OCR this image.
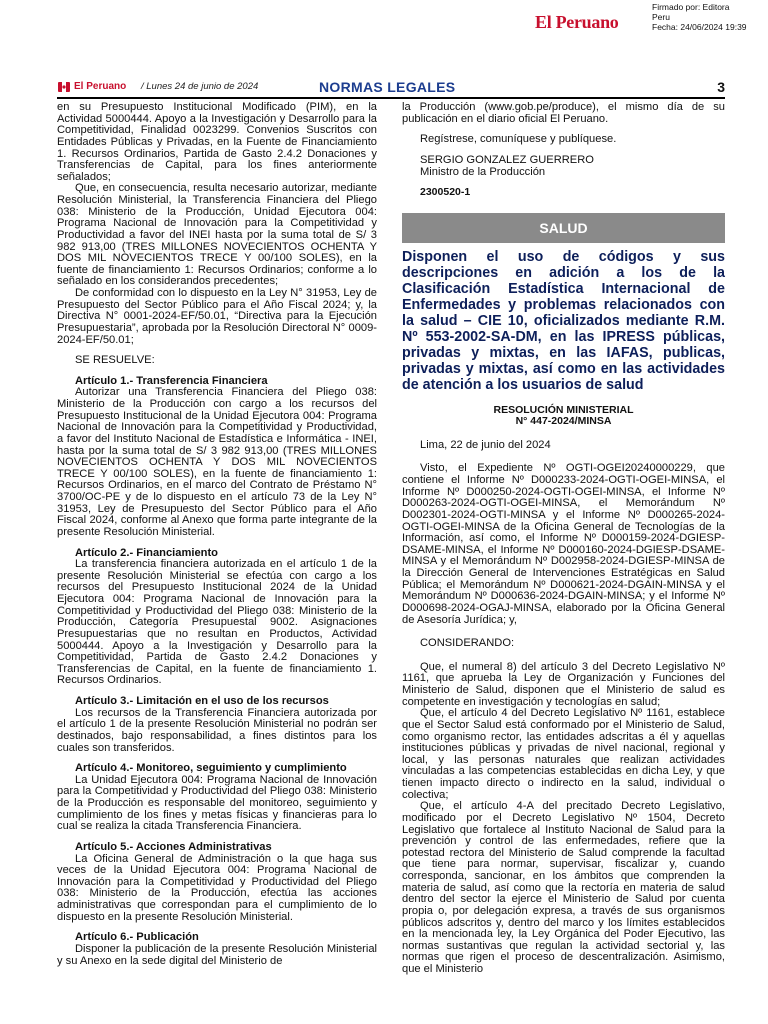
El Peruano
Firmado por: Editora
Peru
Fecha: 24/06/2024 19:39
El Peruano / Lunes 24 de junio de 2024	NORMAS LEGALES	3

en su Presupuesto Institucional Modificado (PIM), en la Actividad 5000444. Apoyo a la Investigación y Desarrollo para la Competitividad, Finalidad 0023299. Convenios Suscritos con Entidades Públicas y Privadas, en la Fuente de Financiamiento 1. Recursos Ordinarios, Partida de Gasto 2.4.2 Donaciones y Transferencias de Capital, para los fines anteriormente señalados;

Que, en consecuencia, resulta necesario autorizar, mediante Resolución Ministerial, la Transferencia Financiera del Pliego 038: Ministerio de la Producción, Unidad Ejecutora 004: Programa Nacional de Innovación para la Competitividad y Productividad a favor del INEI hasta por la suma total de S/ 3 982 913,00 (TRES MILLONES NOVECIENTOS OCHENTA Y DOS MIL NOVECIENTOS TRECE Y 00/100 SOLES), en la fuente de financiamiento 1: Recursos Ordinarios; conforme a lo señalado en los considerandos precedentes;

De conformidad con lo dispuesto en la Ley N° 31953, Ley de Presupuesto del Sector Público para el Año Fiscal 2024; y, la Directiva N° 0001-2024-EF/50.01, “Directiva para la Ejecución Presupuestaria”, aprobada por la Resolución Directoral N° 0009-2024-EF/50.01;

SE RESUELVE:

Artículo 1.- Transferencia Financiera

Autorizar una Transferencia Financiera del Pliego 038: Ministerio de la Producción con cargo a los recursos del Presupuesto Institucional de la Unidad Ejecutora 004: Programa Nacional de Innovación para la Competitividad y Productividad, a favor del Instituto Nacional de Estadística e Informática - INEI, hasta por la suma total de S/ 3 982 913,00 (TRES MILLONES NOVECIENTOS OCHENTA Y DOS MIL NOVECIENTOS TRECE Y 00/100 SOLES), en la fuente de financiamiento 1: Recursos Ordinarios, en el marco del Contrato de Préstamo N° 3700/OC-PE y de lo dispuesto en el artículo 73 de la Ley N° 31953, Ley de Presupuesto del Sector Público para el Año Fiscal 2024, conforme al Anexo que forma parte integrante de la presente Resolución Ministerial.

Artículo 2.- Financiamiento

La transferencia financiera autorizada en el artículo 1 de la presente Resolución Ministerial se efectúa con cargo a los recursos del Presupuesto Institucional 2024 de la Unidad Ejecutora 004: Programa Nacional de Innovación para la Competitividad y Productividad del Pliego 038: Ministerio de la Producción, Categoría Presupuestal 9002. Asignaciones Presupuestarias que no resultan en Productos, Actividad 5000444. Apoyo a la Investigación y Desarrollo para la Competitividad, Partida de Gasto 2.4.2 Donaciones y Transferencias de Capital, en la fuente de financiamiento 1. Recursos Ordinarios.

Artículo 3.- Limitación en el uso de los recursos

Los recursos de la Transferencia Financiera autorizada por el artículo 1 de la presente Resolución Ministerial no podrán ser destinados, bajo responsabilidad, a fines distintos para los cuales son transferidos.

Artículo 4.- Monitoreo, seguimiento y cumplimiento

La Unidad Ejecutora 004: Programa Nacional de Innovación para la Competitividad y Productividad del Pliego 038: Ministerio de la Producción es responsable del monitoreo, seguimiento y cumplimiento de los fines y metas físicas y financieras para lo cual se realiza la citada Transferencia Financiera.

Artículo 5.- Acciones Administrativas

La Oficina General de Administración o la que haga sus veces de la Unidad Ejecutora 004: Programa Nacional de Innovación para la Competitividad y Productividad del Pliego 038: Ministerio de la Producción, efectúa las acciones administrativas que correspondan para el cumplimiento de lo dispuesto en la presente Resolución Ministerial.

Artículo 6.- Publicación

Disponer la publicación de la presente Resolución Ministerial y su Anexo en la sede digital del Ministerio de

la Producción (www.gob.pe/produce), el mismo día de su publicación en el diario oficial El Peruano.

Regístrese, comuníquese y publíquese.

SERGIO GONZALEZ GUERRERO

Ministro de la Producción

2300520-1

SALUD

Disponen el uso de códigos y sus descripciones en adición a los de la Clasificación Estadística Internacional de Enfermedades y problemas relacionados con la salud – CIE 10, oficializados mediante R.M. Nº 553-2002-SA-DM, en las IPRESS públicas, privadas y mixtas, en las IAFAS, publicas, privadas y mixtas, así como en las actividades de atención a los usuarios de salud

RESOLUCIÓN MINISTERIAL

N° 447-2024/MINSA

Lima, 22 de junio del 2024

Visto, el Expediente Nº OGTI-OGEI20240000229, que contiene el Informe Nº D000233-2024-OGTI-OGEI-MINSA, el Informe Nº D000250-2024-OGTI-OGEI-MINSA, el Informe Nº D000263-2024-OGTI-OGEI-MINSA, el Memorándum Nº D002301-2024-OGTI-MINSA y el Informe Nº D000265-2024-OGTI-OGEI-MINSA de la Oficina General de Tecnologías de la Información, así como, el Informe Nº D000159-2024-DGIESP-DSAME-MINSA, el Informe Nº D000160-2024-DGIESP-DSAME-MINSA y el Memorándum Nº D002958-2024-DGIESP-MINSA de la Dirección General de Intervenciones Estratégicas en Salud Pública; el Memorándum Nº D000621-2024-DGAIN-MINSA y el Memorándum Nº D000636-2024-DGAIN-MINSA; y el Informe Nº D000698-2024-OGAJ-MINSA, elaborado por la Oficina General de Asesoría Jurídica; y,

CONSIDERANDO:

Que, el numeral 8) del artículo 3 del Decreto Legislativo Nº 1161, que aprueba la Ley de Organización y Funciones del Ministerio de Salud, disponen que el Ministerio de salud es competente en investigación y tecnologías en salud;

Que, el artículo 4 del Decreto Legislativo Nº 1161, establece que el Sector Salud está conformado por el Ministerio de Salud, como organismo rector, las entidades adscritas a él y aquellas instituciones públicas y privadas de nivel nacional, regional y local, y las personas naturales que realizan actividades vinculadas a las competencias establecidas en dicha Ley, y que tienen impacto directo o indirecto en la salud, individual o colectiva;

Que, el artículo 4-A del precitado Decreto Legislativo, modificado por el Decreto Legislativo Nº 1504, Decreto Legislativo que fortalece al Instituto Nacional de Salud para la prevención y control de las enfermedades, refiere que la potestad rectora del Ministerio de Salud comprende la facultad que tiene para normar, supervisar, fiscalizar y, cuando corresponda, sancionar, en los ámbitos que comprenden la materia de salud, así como que la rectoría en materia de salud dentro del sector la ejerce el Ministerio de Salud por cuenta propia o, por delegación expresa, a través de sus organismos públicos adscritos y, dentro del marco y los límites establecidos en la mencionada ley, la Ley Orgánica del Poder Ejecutivo, las normas sustantivas que regulan la actividad sectorial y, las normas que rigen el proceso de descentralización. Asimismo, que el Ministerio
